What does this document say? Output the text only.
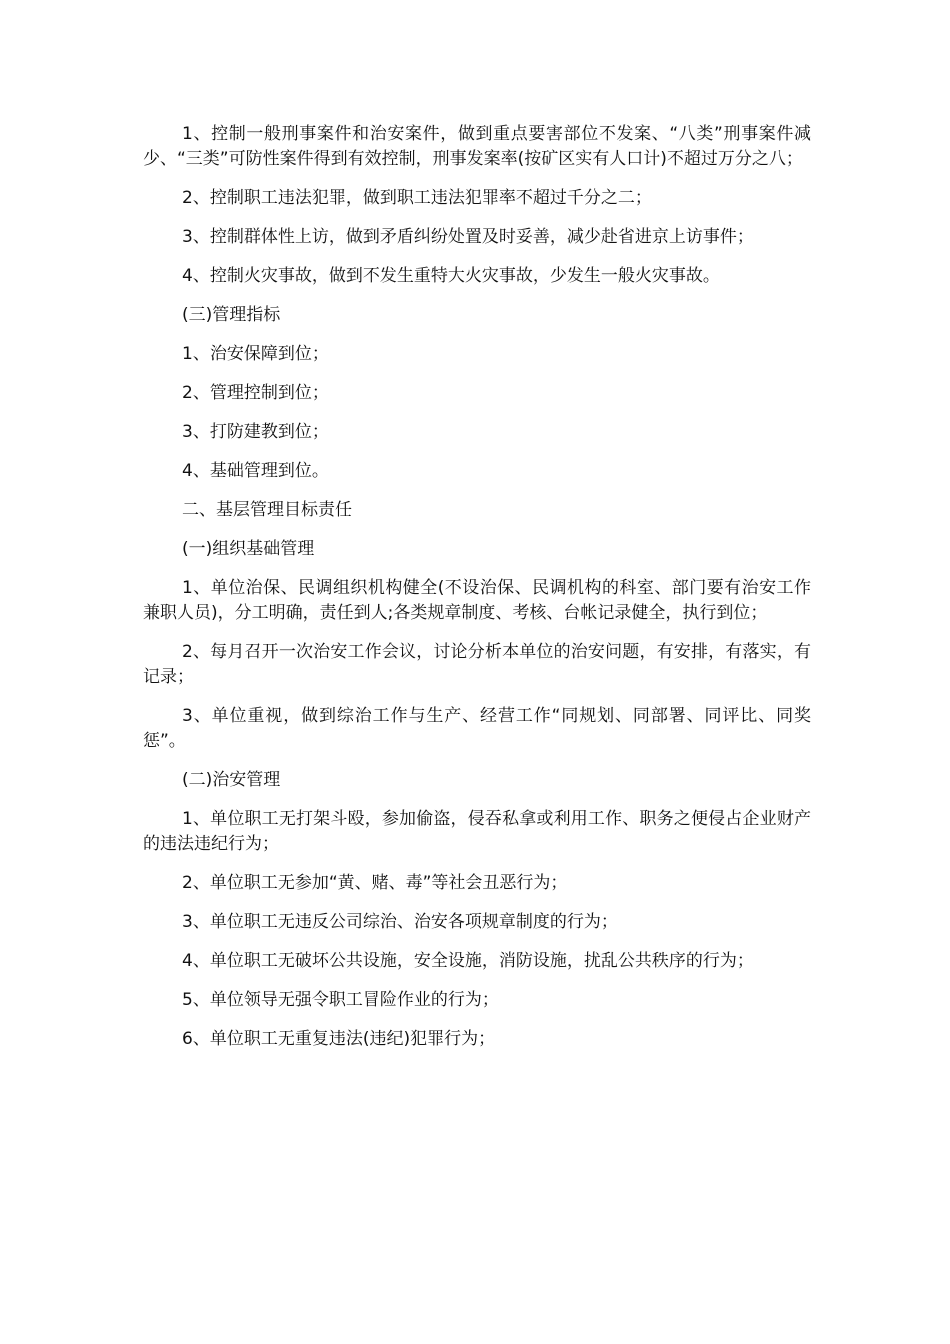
1、控制一般刑事案件和治安案件，做到重点要害部位不发案、“八类”刑事案件减少、“三类”可防性案件得到有效控制，刑事发案率(按矿区实有人口计)不超过万分之八；

2、控制职工违法犯罪，做到职工违法犯罪率不超过千分之二；

3、控制群体性上访，做到矛盾纠纷处置及时妥善，减少赴省进京上访事件；

4、控制火灾事故，做到不发生重特大火灾事故，少发生一般火灾事故。

(三)管理指标

1、治安保障到位；

2、管理控制到位；

3、打防建教到位；

4、基础管理到位。

二、基层管理目标责任

(一)组织基础管理

1、单位治保、民调组织机构健全(不设治保、民调机构的科室、部门要有治安工作兼职人员)，分工明确，责任到人;各类规章制度、考核、台帐记录健全，执行到位；

2、每月召开一次治安工作会议，讨论分析本单位的治安问题，有安排，有落实，有记录；

3、单位重视，做到综治工作与生产、经营工作“同规划、同部署、同评比、同奖惩”。

(二)治安管理

1、单位职工无打架斗殴，参加偷盗，侵吞私拿或利用工作、职务之便侵占企业财产的违法违纪行为；

2、单位职工无参加“黄、赌、毒”等社会丑恶行为；

3、单位职工无违反公司综治、治安各项规章制度的行为；

4、单位职工无破坏公共设施，安全设施，消防设施，扰乱公共秩序的行为；

5、单位领导无强令职工冒险作业的行为；

6、单位职工无重复违法(违纪)犯罪行为；
